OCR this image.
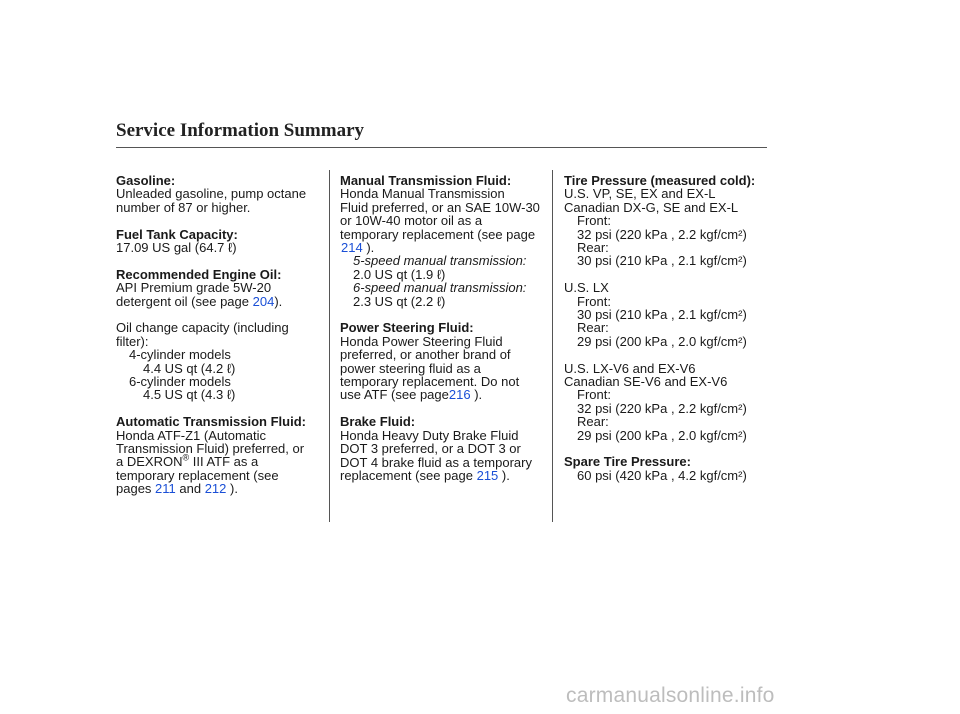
Service Information Summary
Gasoline:
Unleaded gasoline, pump octane
number of 87 or higher.
Fuel Tank Capacity:
17.09 US gal (64.7 ℓ)
Recommended Engine Oil:
API Premium grade 5W-20
detergent oil (see page 204).
Oil change capacity (including
filter):
4-cylinder models
4.4 US qt (4.2 ℓ)
6-cylinder models
4.5 US qt (4.3 ℓ)
Automatic Transmission Fluid:
Honda ATF-Z1 (Automatic
Transmission Fluid) preferred, or
a DEXRON® III ATF as a
temporary replacement (see
pages 211 and 212 ).
Manual Transmission Fluid:
Honda Manual Transmission
Fluid preferred, or an SAE 10W-30
or 10W-40 motor oil as a
temporary replacement (see page
214 ).
5-speed manual transmission:
2.0 US qt (1.9 ℓ)
6-speed manual transmission:
2.3 US qt (2.2 ℓ)
Power Steering Fluid:
Honda Power Steering Fluid
preferred, or another brand of
power steering fluid as a
temporary replacement. Do not
use ATF (see page216 ).
Brake Fluid:
Honda Heavy Duty Brake Fluid
DOT 3 preferred, or a DOT 3 or
DOT 4 brake fluid as a temporary
replacement (see page 215 ).
Tire Pressure (measured cold):
U.S. VP, SE, EX and EX-L
Canadian DX-G, SE and EX-L
Front:
32 psi (220 kPa , 2.2 kgf/cm²)
Rear:
30 psi (210 kPa , 2.1 kgf/cm²)
U.S. LX
Front:
30 psi (210 kPa , 2.1 kgf/cm²)
Rear:
29 psi (200 kPa , 2.0 kgf/cm²)
U.S. LX-V6 and EX-V6
Canadian SE-V6 and EX-V6
Front:
32 psi (220 kPa , 2.2 kgf/cm²)
Rear:
29 psi (200 kPa , 2.0 kgf/cm²)
Spare Tire Pressure:
60 psi (420 kPa , 4.2 kgf/cm²)
carmanualsonline.info
